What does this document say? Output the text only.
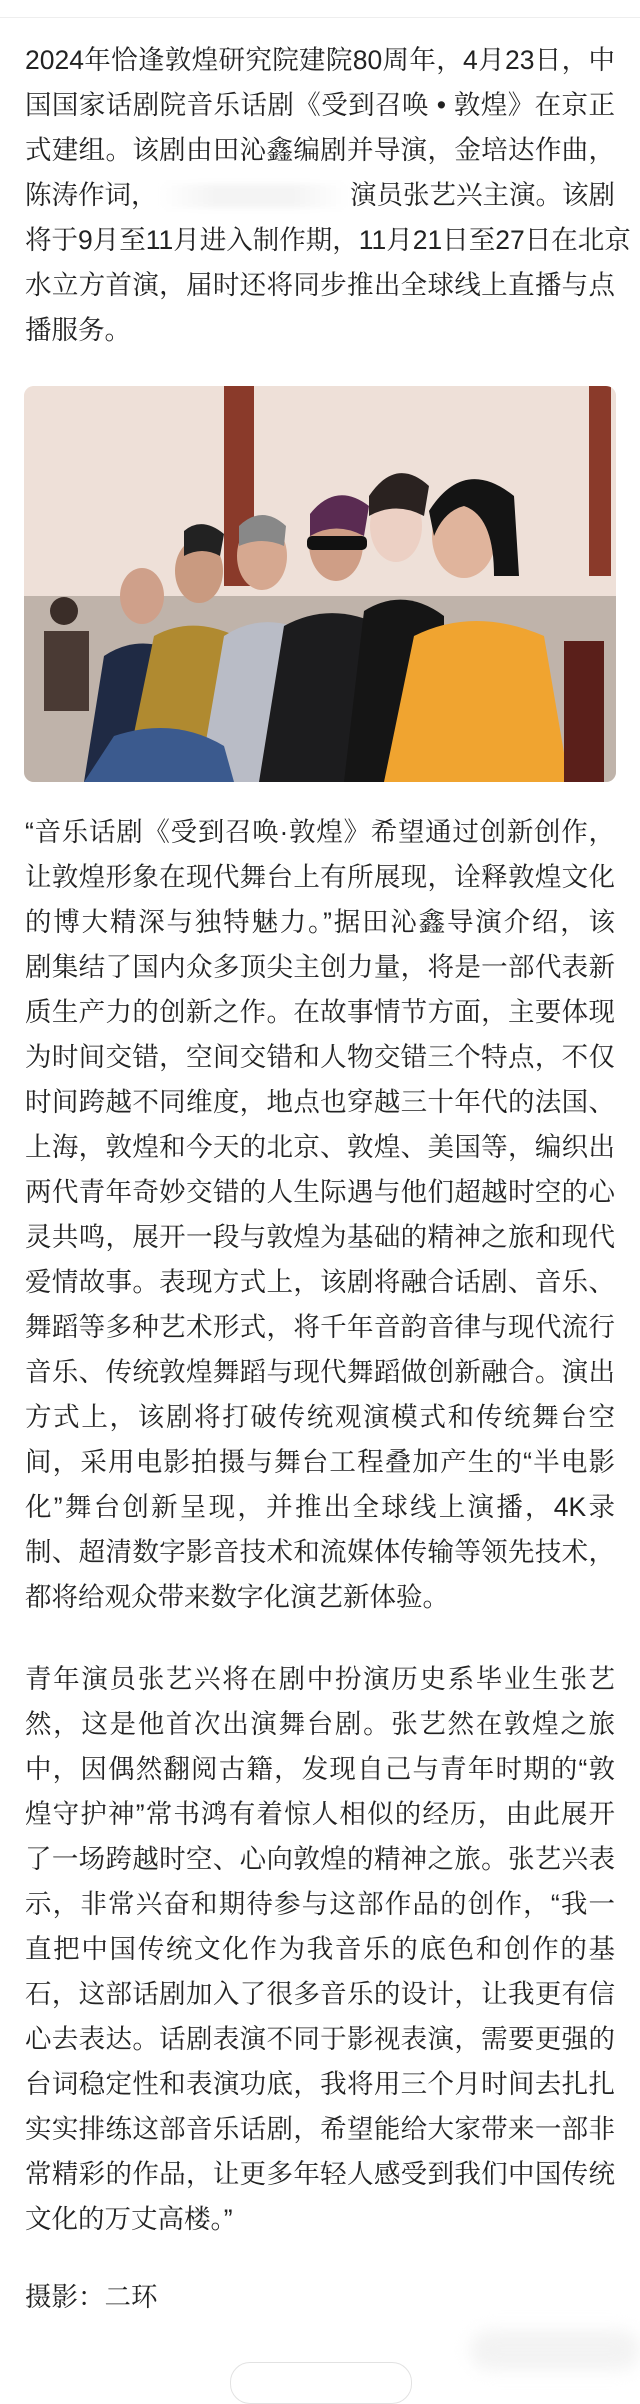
2024年恰逢敦煌研究院建院80周年，4月23日，中
国国家话剧院音乐话剧《受到召唤 • 敦煌》在京正
式建组。该剧由田沁鑫编剧并导演，金培达作曲，
陈涛作词，	演员张艺兴主演。该剧
将于9月至11月进入制作期，11月21日至27日在北京
水立方首演，届时还将同步推出全球线上直播与点
播服务。
“音乐话剧《受到召唤·敦煌》希望通过创新创作，
让敦煌形象在现代舞台上有所展现，诠释敦煌文化
的博大精深与独特魅力。”据田沁鑫导演介绍，该
剧集结了国内众多顶尖主创力量，将是一部代表新
质生产力的创新之作。在故事情节方面，主要体现
为时间交错，空间交错和人物交错三个特点，不仅
时间跨越不同维度，地点也穿越三十年代的法国、
上海，敦煌和今天的北京、敦煌、美国等，编织出
两代青年奇妙交错的人生际遇与他们超越时空的心
灵共鸣，展开一段与敦煌为基础的精神之旅和现代
爱情故事。表现方式上，该剧将融合话剧、音乐、
舞蹈等多种艺术形式，将千年音韵音律与现代流行
音乐、传统敦煌舞蹈与现代舞蹈做创新融合。演出
方式上，该剧将打破传统观演模式和传统舞台空
间，采用电影拍摄与舞台工程叠加产生的“半电影
化”舞台创新呈现，并推出全球线上演播，4K录
制、超清数字影音技术和流媒体传输等领先技术，
都将给观众带来数字化演艺新体验。
青年演员张艺兴将在剧中扮演历史系毕业生张艺
然，这是他首次出演舞台剧。张艺然在敦煌之旅
中，因偶然翻阅古籍，发现自己与青年时期的“敦
煌守护神”常书鸿有着惊人相似的经历，由此展开
了一场跨越时空、心向敦煌的精神之旅。张艺兴表
示，非常兴奋和期待参与这部作品的创作，“我一
直把中国传统文化作为我音乐的底色和创作的基
石，这部话剧加入了很多音乐的设计，让我更有信
心去表达。话剧表演不同于影视表演，需要更强的
台词稳定性和表演功底，我将用三个月时间去扎扎
实实排练这部音乐话剧，希望能给大家带来一部非
常精彩的作品，让更多年轻人感受到我们中国传统
文化的万丈高楼。”
摄影：二环
